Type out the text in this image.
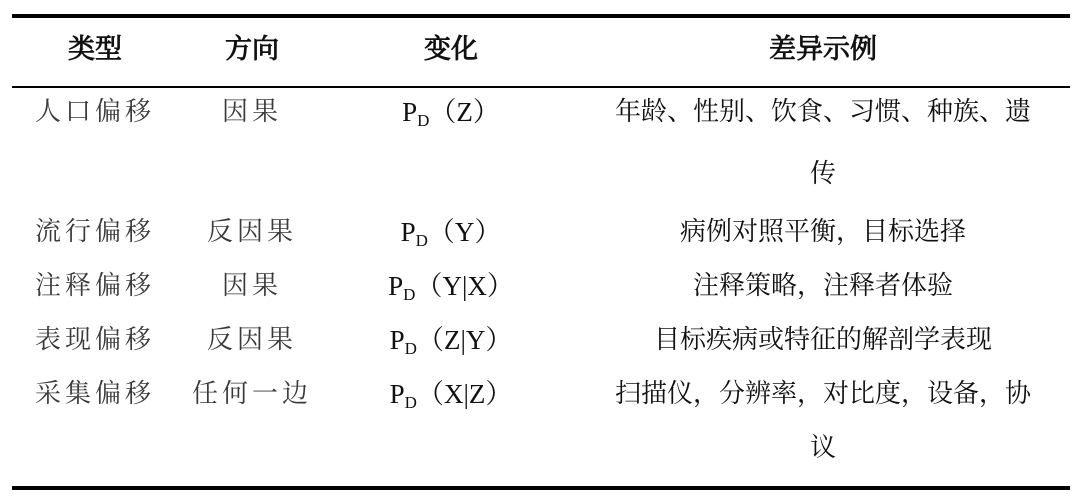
类型	方向	变化	差异示例
人口偏移	因果	$P_D(Z)$	年龄、性别、饮食、习惯、种族、遗
传
流行偏移	反因果	$P_D(Y)$	病例对照平衡，目标选择
注释偏移	因果	$P_D(Y|X)$	注释策略，注释者体验
表现偏移	反因果	$P_D(Z|Y)$	目标疾病或特征的解剖学表现
采集偏移	任何一边	$P_D(X|Z)$	扫描仪，分辨率，对比度，设备，协
议
